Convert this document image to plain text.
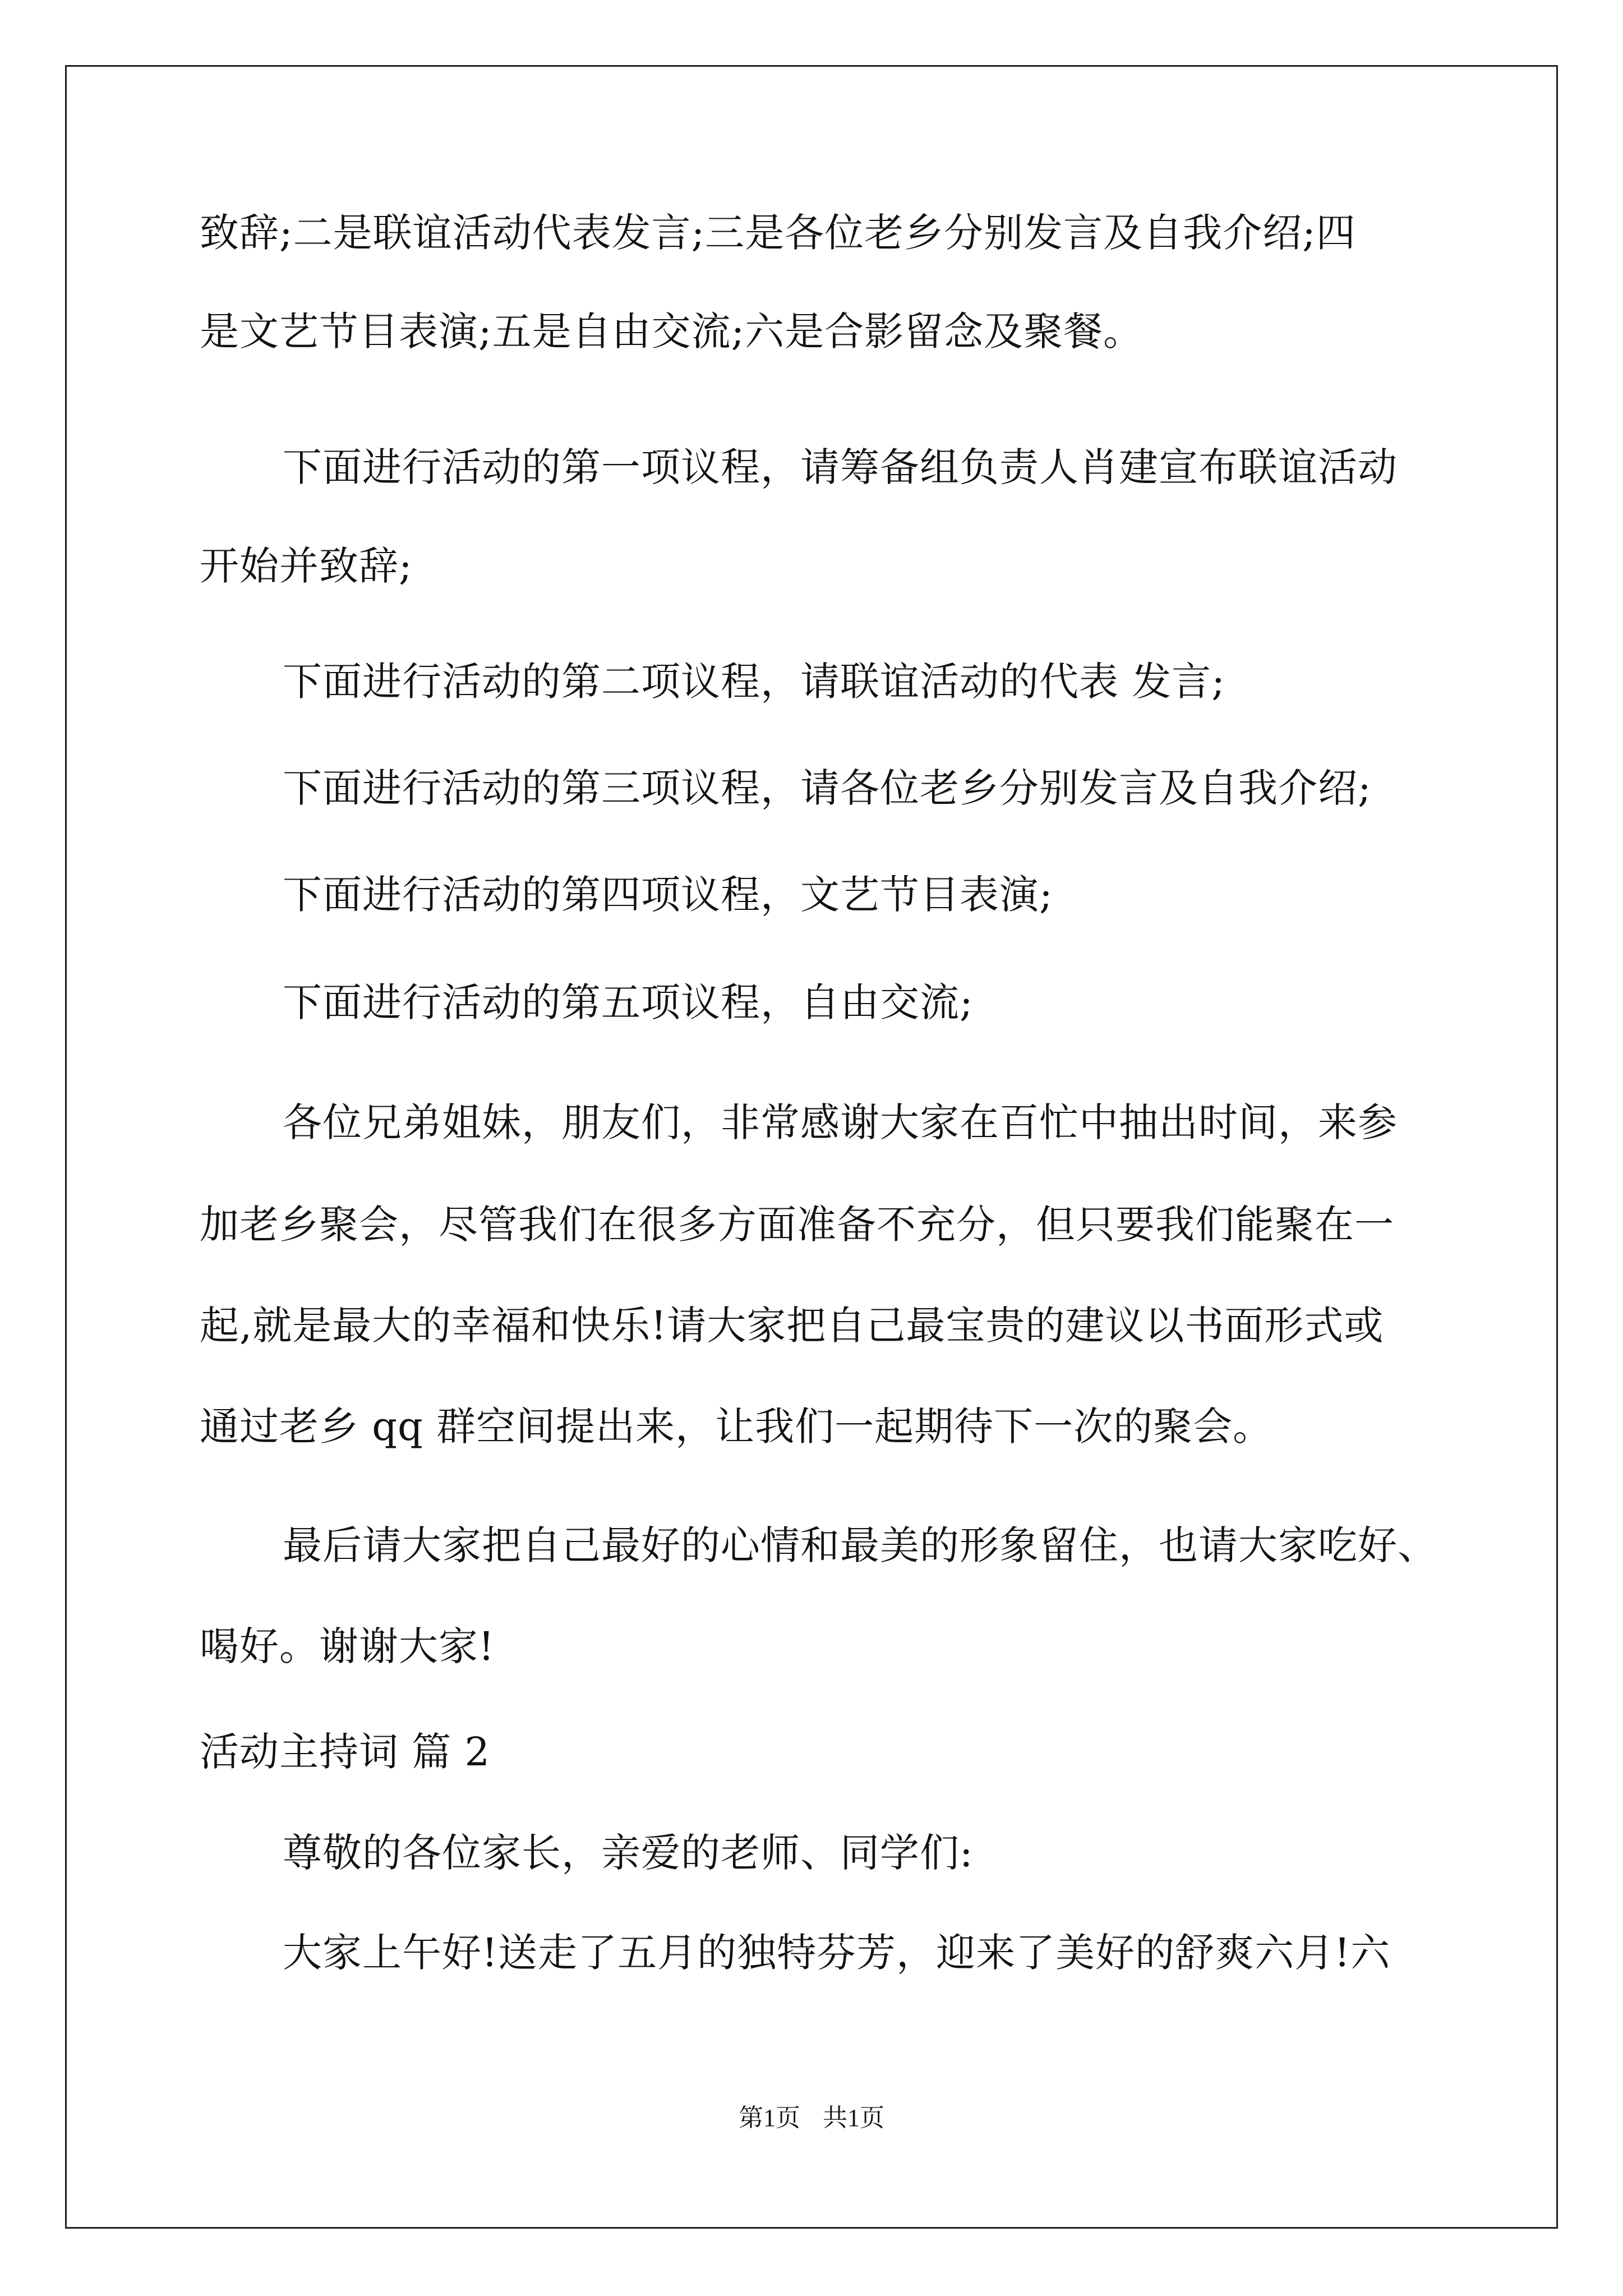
致辞;二是联谊活动代表发言;三是各位老乡分别发言及自我介绍;四
是文艺节目表演;五是自由交流;六是合影留念及聚餐。
下面进行活动的第一项议程，请筹备组负责人肖建宣布联谊活动
开始并致辞;
下面进行活动的第二项议程，请联谊活动的代表 发言;
下面进行活动的第三项议程，请各位老乡分别发言及自我介绍;
下面进行活动的第四项议程，文艺节目表演;
下面进行活动的第五项议程，自由交流;
各位兄弟姐妹，朋友们，非常感谢大家在百忙中抽出时间，来参
加老乡聚会，尽管我们在很多方面准备不充分，但只要我们能聚在一
起,就是最大的幸福和快乐!请大家把自己最宝贵的建议以书面形式或
通过老乡 qq 群空间提出来，让我们一起期待下一次的聚会。
最后请大家把自己最好的心情和最美的形象留住，也请大家吃好、
喝好。谢谢大家!
活动主持词 篇 2
尊敬的各位家长，亲爱的老师、同学们:
大家上午好!送走了五月的独特芬芳，迎来了美好的舒爽六月!六
第1页 共1页
